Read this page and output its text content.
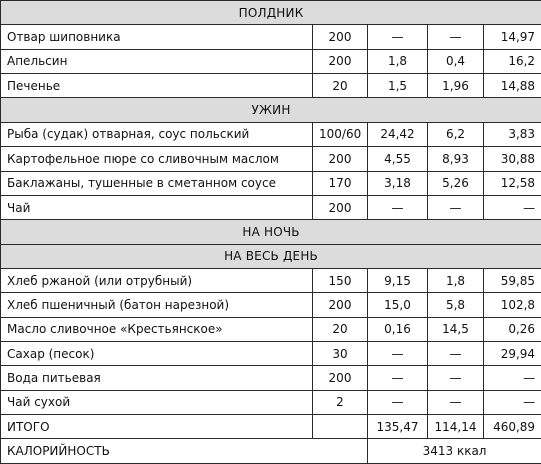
ПОЛДНИК				
Отвар шиповника	200	—	—	14,97
Апельсин	200	1,8	0,4	16,2
Печенье	20	1,5	1,96	14,88
УЖИН				
Рыба (судак) отварная, соус польский	100/60	24,42	6,2	3,83
Картофельное пюре со сливочным маслом	200	4,55	8,93	30,88
Баклажаны, тушенные в сметанном соусе	170	3,18	5,26	12,58
Чай	200	—	—	—
НА НОЧЬ				
НА ВЕСЬ ДЕНЬ				
Хлеб ржаной (или отрубный)	150	9,15	1,8	59,85
Хлеб пшеничный (батон нарезной)	200	15,0	5,8	102,8
Масло сливочное «Крестьянское»	20	0,16	14,5	0,26
Сахар (песок)	30	—	—	29,94
Вода питьевая	200	—	—	—
Чай сухой	2	—	—	—
ИТОГО		135,47	114,14	460,89
КАЛОРИЙНОСТЬ		3413 ккал		
